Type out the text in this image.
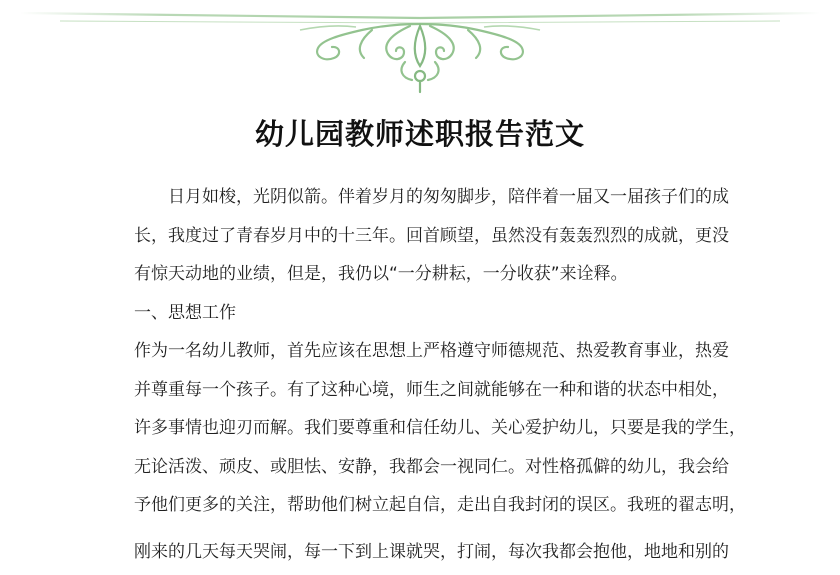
幼儿园教师述职报告范文
日月如梭，光阴似箭。伴着岁月的匆匆脚步，陪伴着一届又一届孩子们的成
长，我度过了青春岁月中的十三年。回首顾望，虽然没有轰轰烈烈的成就，更没
有惊天动地的业绩，但是，我仍以“一分耕耘，一分收获”来诠释。
一、思想工作
作为一名幼儿教师，首先应该在思想上严格遵守师德规范、热爱教育事业，热爱
并尊重每一个孩子。有了这种心境，师生之间就能够在一种和谐的状态中相处，
许多事情也迎刃而解。我们要尊重和信任幼儿、关心爱护幼儿，只要是我的学生，
无论活泼、顽皮、或胆怯、安静，我都会一视同仁。对性格孤僻的幼儿，我会给
予他们更多的关注，帮助他们树立起自信，走出自我封闭的误区。我班的翟志明，
刚来的几天每天哭闹，每一下到上课就哭，打闹，每次我都会抱他，地地和别的
